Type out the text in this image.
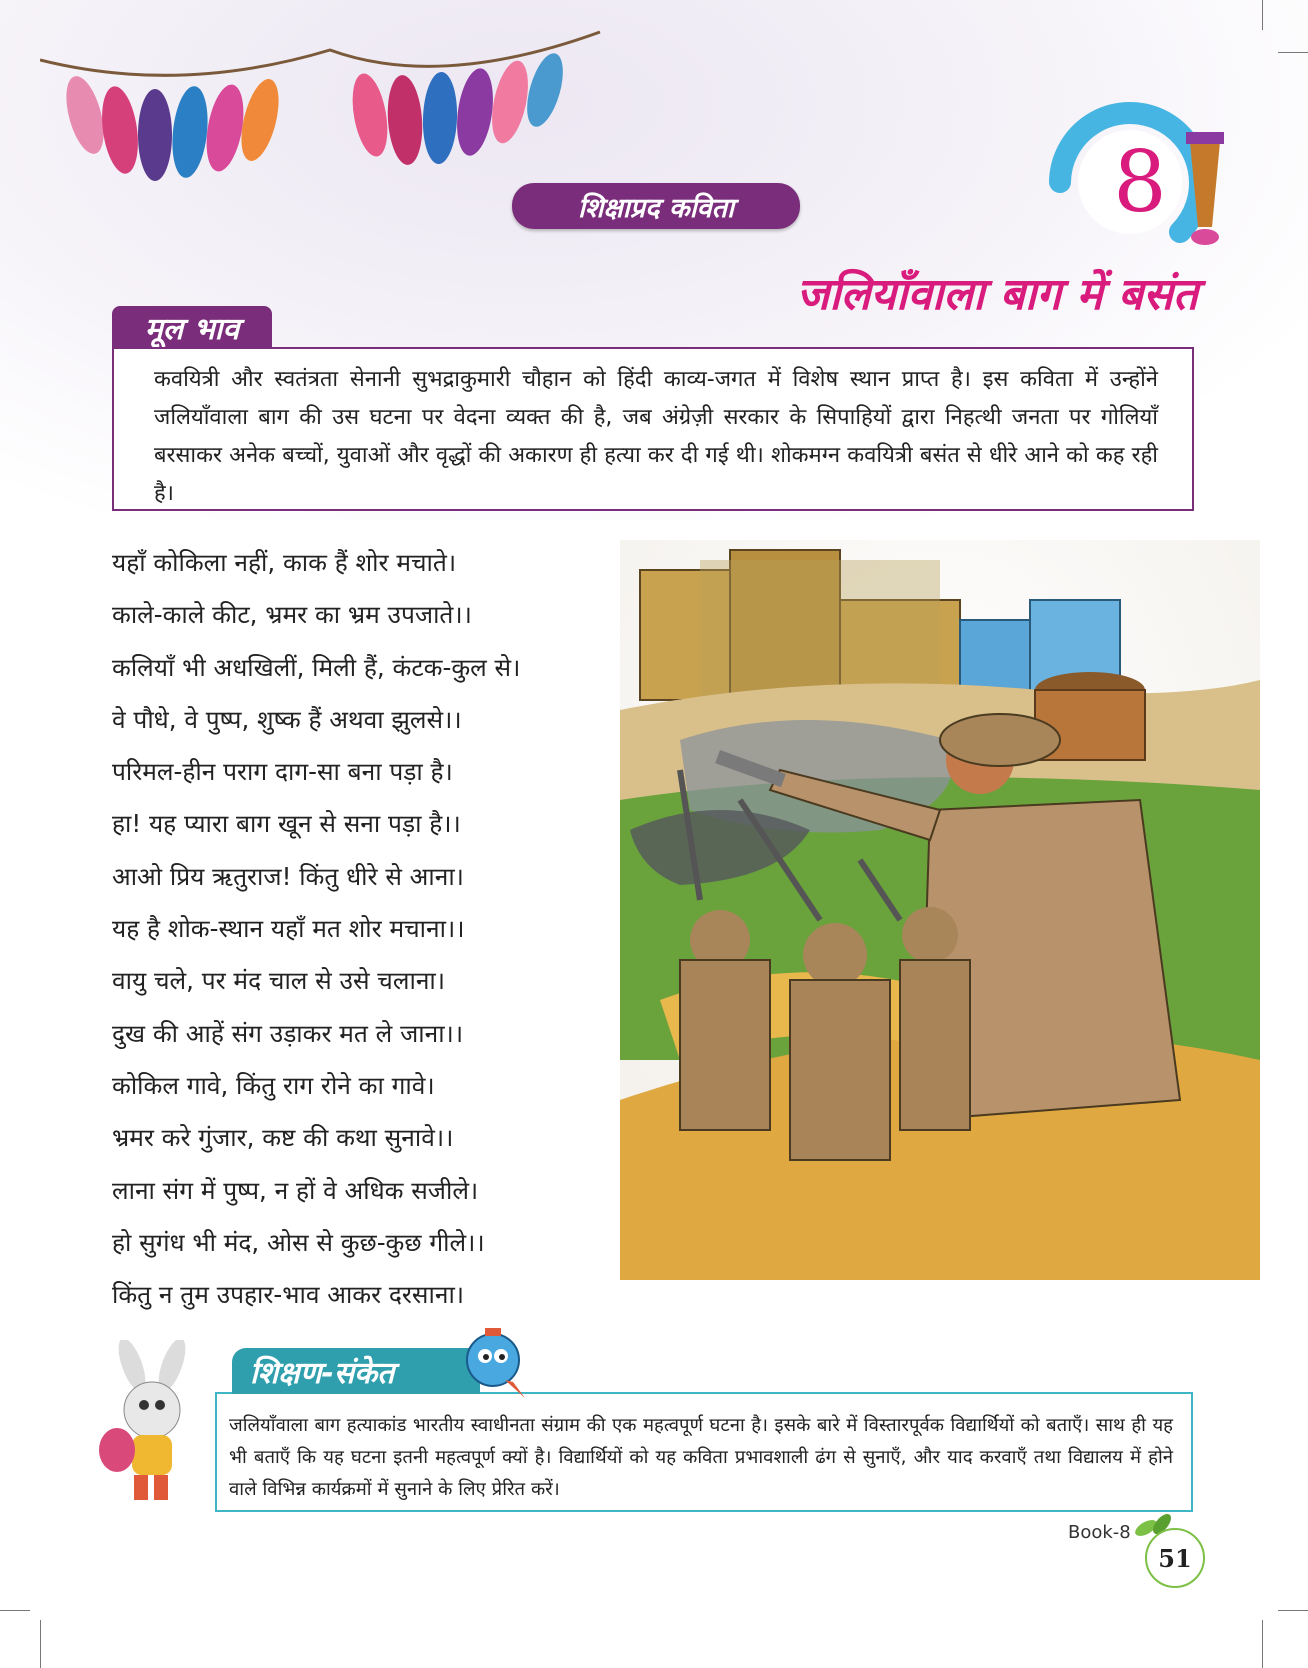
शिक्षाप्रद कविता	8
जलियाँवाला बाग में बसंत
मूल भाव

कवयित्री और स्वतंत्रता सेनानी सुभद्राकुमारी चौहान को हिंदी काव्य-जगत में विशेष स्थान प्राप्त है। इस कविता में उन्होंने जलियाँवाला बाग की उस घटना पर वेदना व्यक्त की है, जब अंग्रेज़ी सरकार के सिपाहियों द्वारा निहत्थी जनता पर गोलियाँ बरसाकर अनेक बच्चों, युवाओं और वृद्धों की अकारण ही हत्या कर दी गई थी। शोकमग्न कवयित्री बसंत से धीरे आने को कह रही है।

यहाँ कोकिला नहीं, काक हैं शोर मचाते।
काले-काले कीट, भ्रमर का भ्रम उपजाते।।
कलियाँ भी अधखिलीं, मिली हैं, कंटक-कुल से।
वे पौधे, वे पुष्प, शुष्क हैं अथवा झुलसे।।
परिमल-हीन पराग दाग-सा बना पड़ा है।
हा! यह प्यारा बाग खून से सना पड़ा है।।
आओ प्रिय ऋतुराज! किंतु धीरे से आना।
यह है शोक-स्थान यहाँ मत शोर मचाना।।
वायु चले, पर मंद चाल से उसे चलाना।
दुख की आहें संग उड़ाकर मत ले जाना।।
कोकिल गावे, किंतु राग रोने का गावे।
भ्रमर करे गुंजार, कष्ट की कथा सुनावे।।
लाना संग में पुष्प, न हों वे अधिक सजीले।
हो सुगंध भी मंद, ओस से कुछ-कुछ गीले।।
किंतु न तुम उपहार-भाव आकर दरसाना।

जलियाँवाला बाग हत्याकांड भारतीय स्वाधीनता संग्राम की एक महत्वपूर्ण घटना है। इसके बारे में विस्तारपूर्वक विद्यार्थियों को बताएँ। साथ ही यह भी बताएँ कि यह घटना इतनी महत्वपूर्ण क्यों है। विद्यार्थियों को यह कविता प्रभावशाली ढंग से सुनाएँ, और याद करवाएँ तथा विद्यालय में होने वाले विभिन्न कार्यक्रमों में सुनाने के लिए प्रेरित करें।

शिक्षण-संकेत
Book-8
51
